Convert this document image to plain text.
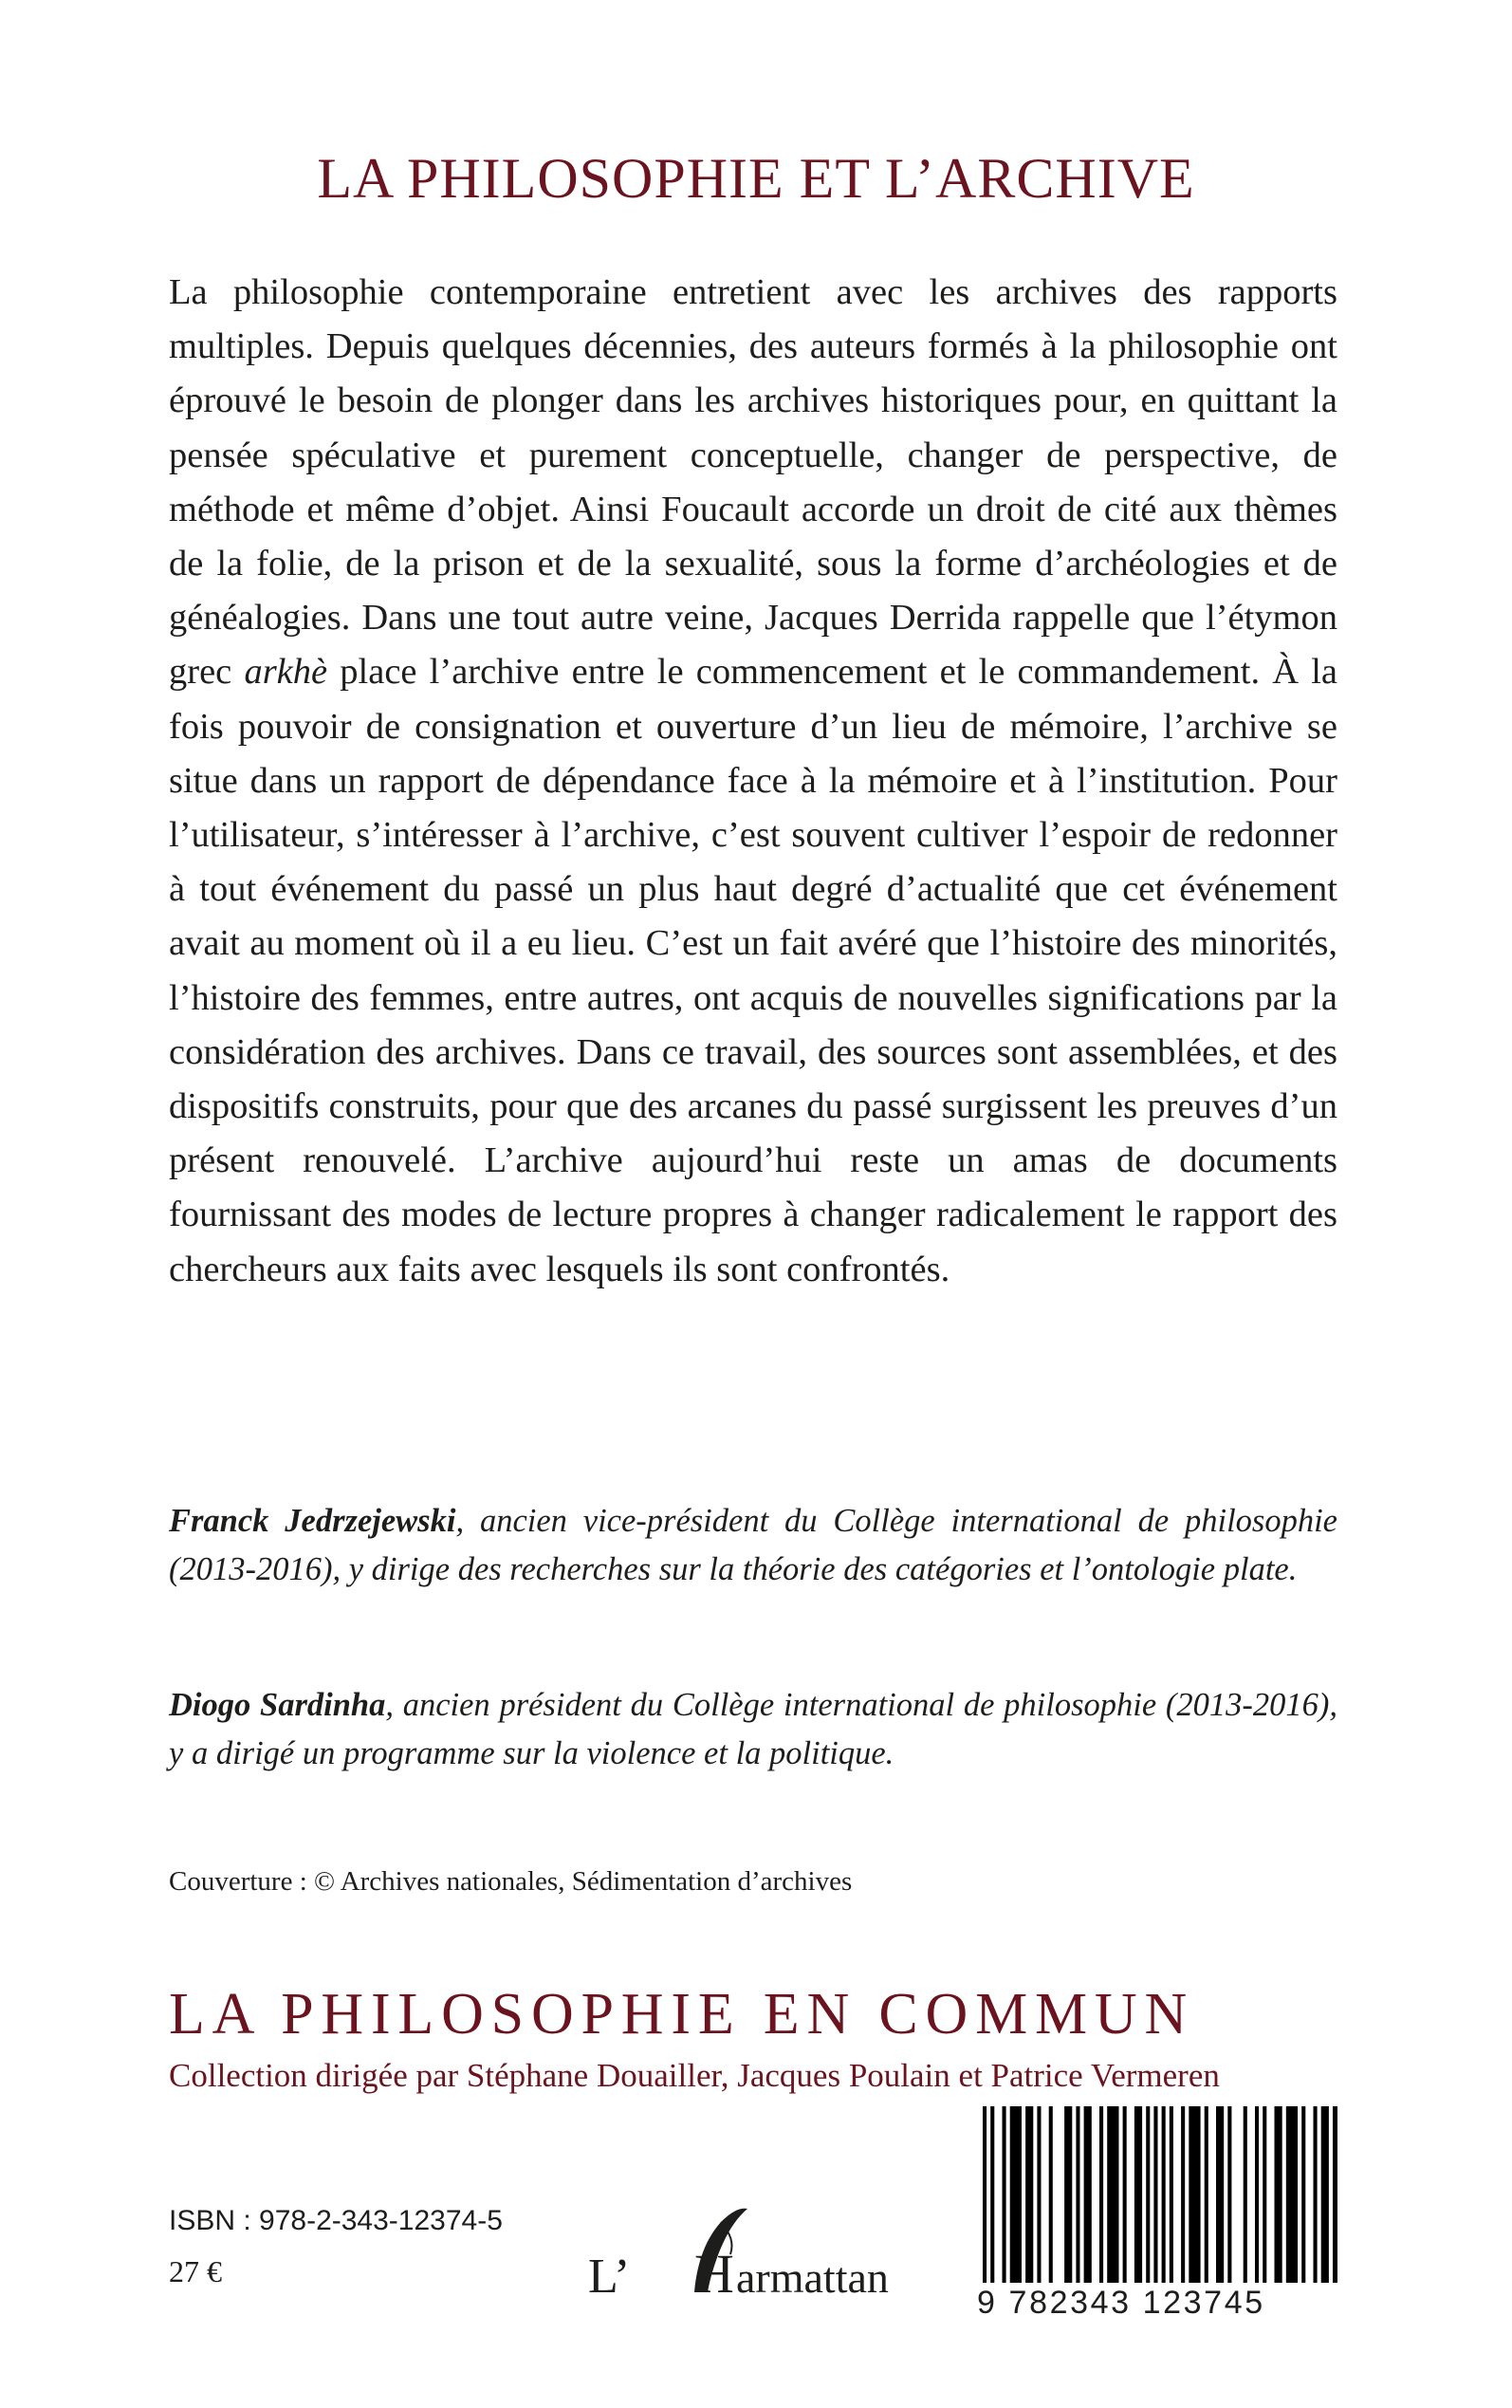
LA PHILOSOPHIE ET L’ARCHIVE

La philosophie contemporaine entretient avec les archives des rapports multiples. Depuis quelques décennies, des auteurs formés à la philosophie ont éprouvé le besoin de plonger dans les archives historiques pour, en quittant la pensée spéculative et purement conceptuelle, changer de perspective, de méthode et même d’objet. Ainsi Foucault accorde un droit de cité aux thèmes de la folie, de la prison et de la sexualité, sous la forme d’archéologies et de généalogies. Dans une tout autre veine, Jacques Derrida rappelle que l’étymon grec arkhè place l’archive entre le commencement et le commandement. À la fois pouvoir de consignation et ouverture d’un lieu de mémoire, l’archive se situe dans un rapport de dépendance face à la mémoire et à l’institution. Pour l’utilisateur, s’intéresser à l’archive, c’est souvent cultiver l’espoir de redonner à tout événement du passé un plus haut degré d’actualité que cet événement avait au moment où il a eu lieu. C’est un fait avéré que l’histoire des minorités, l’histoire des femmes, entre autres, ont acquis de nouvelles significations par la considération des archives. Dans ce travail, des sources sont assemblées, et des dispositifs construits, pour que des arcanes du passé surgissent les preuves d’un présent renouvelé. L’archive aujourd’hui reste un amas de documents fournissant des modes de lecture propres à changer radicalement le rapport des chercheurs aux faits avec lesquels ils sont confrontés.

Franck Jedrzejewski, ancien vice-président du Collège international de philosophie (2013-2016), y dirige des recherches sur la théorie des catégories et l’ontologie plate.

Diogo Sardinha, ancien président du Collège international de philosophie (2013-2016), y a dirigé un programme sur la violence et la politique.

Couverture : © Archives nationales, Sédimentation d’archives

LA PHILOSOPHIE EN COMMUN
Collection dirigée par Stéphane Douailler, Jacques Poulain et Patrice Vermeren
ISBN : 978-2-343-12374-5
27 €	L’ H armattan
9 782343 123745
